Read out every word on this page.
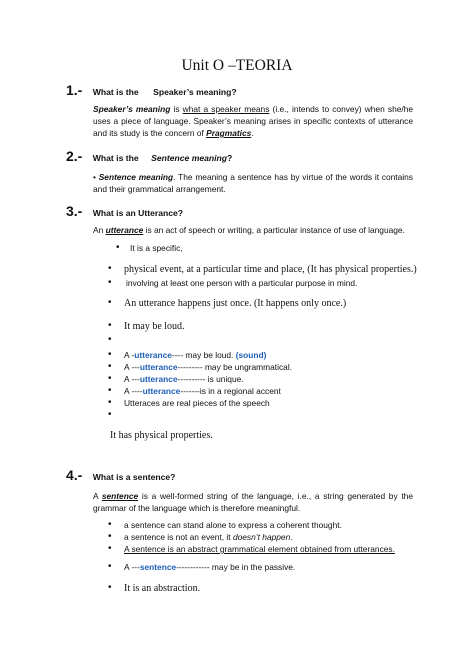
Unit O –TEORIA
1.- What is the Speaker’s meaning?
Speaker’s meaning is what a speaker means (i.e., intends to convey) when she/he uses a piece of language. Speaker’s meaning arises in specific contexts of utterance and its study is the concern of Pragmatics.
2.- What is the Sentence meaning?
• Sentence meaning. The meaning a sentence has by virtue of the words it contains and their grammatical arrangement.
3.- What is an Utterance?
An utterance is an act of speech or writing, a particular instance of use of language.
• It is a specific,
• physical event, at a particular time and place, (It has physical properties.)
• involving at least one person with a particular purpose in mind.
• An utterance happens just once. (It happens only once.)
• It may be loud.
•
• A -utterance---- may be loud. (sound)
• A ---utterance--------- may be ungrammatical.
• A ---utterance---------- is unique.
• A ----utterance-------is in a regional accent
• Utteraces are real pieces of the speech
•
It has physical properties.
4.- What is a sentence?
A sentence is a well-formed string of the language, i.e., a string generated by the grammar of the language which is therefore meaningful.
• a sentence can stand alone to express a coherent thought.
• a sentence is not an event, it doesn’t happen.
• A sentence is an abstract grammatical element obtained from utterances.
• A ---sentence------------ may be in the passive.
• It is an abstraction.
